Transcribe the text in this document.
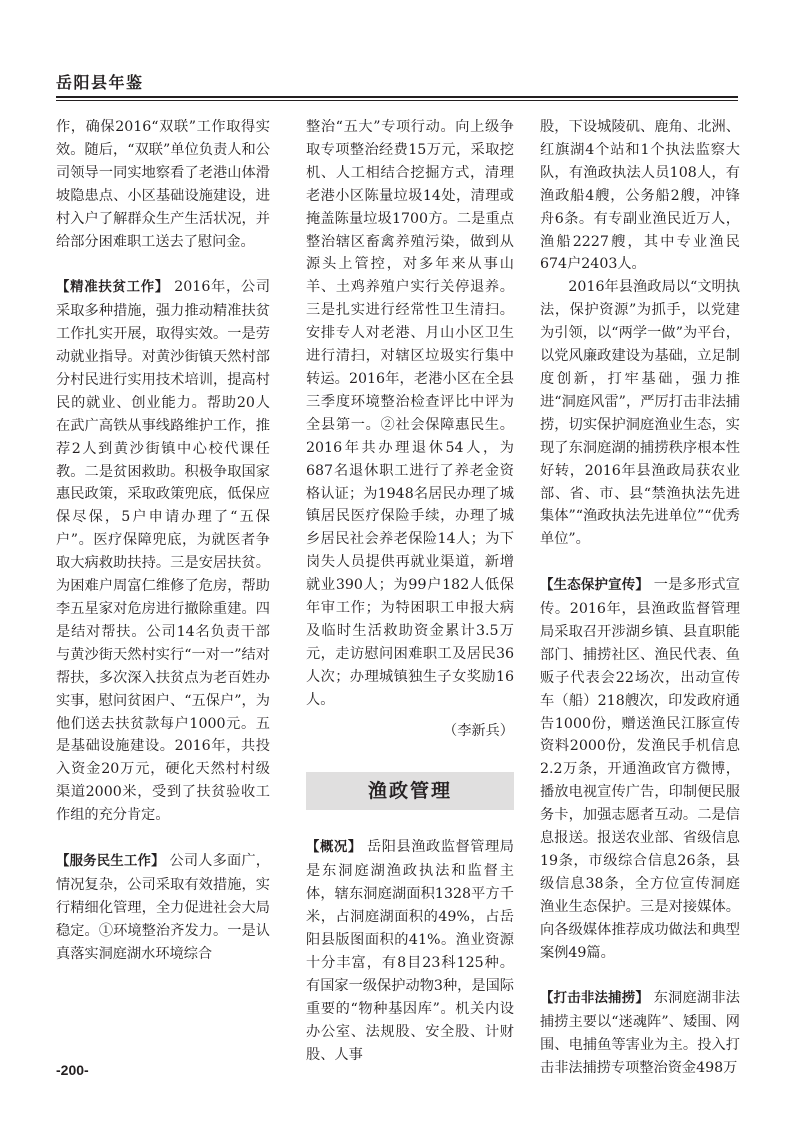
岳阳县年鉴

作，确保2016“双联”工作取得实效。随后，“双联”单位负责人和公司领导一同实地察看了老港山体滑坡隐患点、小区基础设施建设，进村入户了解群众生产生活状况，并给部分困难职工送去了慰问金。

【精准扶贫工作】 2016年，公司采取多种措施，强力推动精准扶贫工作扎实开展，取得实效。一是劳动就业指导。对黄沙街镇天然村部分村民进行实用技术培训，提高村民的就业、创业能力。帮助20人在武广高铁从事线路维护工作，推荐2人到黄沙街镇中心校代课任教。二是贫困救助。积极争取国家惠民政策，采取政策兜底，低保应保尽保，5户申请办理了“五保户”。医疗保障兜底，为就医者争取大病救助扶持。三是安居扶贫。为困难户周富仁维修了危房，帮助李五星家对危房进行撤除重建。四是结对帮扶。公司14名负责干部与黄沙街天然村实行“一对一”结对帮扶，多次深入扶贫点为老百姓办实事，慰问贫困户、“五保户”，为他们送去扶贫款每户1000元。五是基础设施建设。2016年，共投入资金20万元，硬化天然村村级渠道2000米，受到了扶贫验收工作组的充分肯定。

【服务民生工作】 公司人多面广，情况复杂，公司采取有效措施，实行精细化管理，全力促进社会大局稳定。①环境整治齐发力。一是认真落实洞庭湖水环境综合

整治“五大”专项行动。向上级争取专项整治经费15万元，采取挖机、人工相结合挖掘方式，清理老港小区陈量垃圾14处，清理或掩盖陈量垃圾1700方。二是重点整治辖区畜禽养殖污染，做到从源头上管控，对多年来从事山羊、土鸡养殖户实行关停退养。三是扎实进行经常性卫生清扫。安排专人对老港、月山小区卫生进行清扫，对辖区垃圾实行集中转运。2016年，老港小区在全县三季度环境整治检查评比中评为全县第一。②社会保障惠民生。2016年共办理退休54人，为687名退休职工进行了养老金资格认证；为1948名居民办理了城镇居民医疗保险手续，办理了城乡居民社会养老保险14人；为下岗失人员提供再就业渠道，新增就业390人；为99户182人低保年审工作；为特困职工申报大病及临时生活救助资金累计3.5万元，走访慰问困难职工及居民36人次；办理城镇独生子女奖励16人。

（李新兵）

渔政管理

【概况】 岳阳县渔政监督管理局是东洞庭湖渔政执法和监督主体，辖东洞庭湖面积1328平方千米，占洞庭湖面积的49%，占岳阳县版图面积的41%。渔业资源十分丰富，有8目23科125种。有国家一级保护动物3种，是国际重要的“物种基因库”。机关内设办公室、法规股、安全股、计财股、人事

股，下设城陵矶、鹿角、北洲、红旗湖4个站和1个执法监察大队，有渔政执法人员108人，有渔政船4艘，公务船2艘，冲锋舟6条。有专副业渔民近万人，渔船2227艘，其中专业渔民674户2403人。

2016年县渔政局以“文明执法，保护资源”为抓手，以党建为引领，以“两学一做”为平台，以党风廉政建设为基础，立足制度创新，打牢基础，强力推进“洞庭风雷”，严厉打击非法捕捞，切实保护洞庭渔业生态，实现了东洞庭湖的捕捞秩序根本性好转，2016年县渔政局获农业部、省、市、县“禁渔执法先进集体”“渔政执法先进单位”“优秀单位”。

【生态保护宣传】 一是多形式宣传。2016年，县渔政监督管理局采取召开涉湖乡镇、县直职能部门、捕捞社区、渔民代表、鱼贩子代表会22场次，出动宣传车（船）218艘次，印发政府通告1000份，赠送渔民江豚宣传资料2000份，发渔民手机信息2.2万条，开通渔政官方微博，播放电视宣传广告，印制便民服务卡，加强志愿者互动。二是信息报送。报送农业部、省级信息19条，市级综合信息26条，县级信息38条，全方位宣传洞庭渔业生态保护。三是对接媒体。向各级媒体推荐成功做法和典型案例49篇。

【打击非法捕捞】 东洞庭湖非法捕捞主要以“迷魂阵”、矮围、网围、电捕鱼等害业为主。投入打击非法捕捞专项整治资金498万

-200-
